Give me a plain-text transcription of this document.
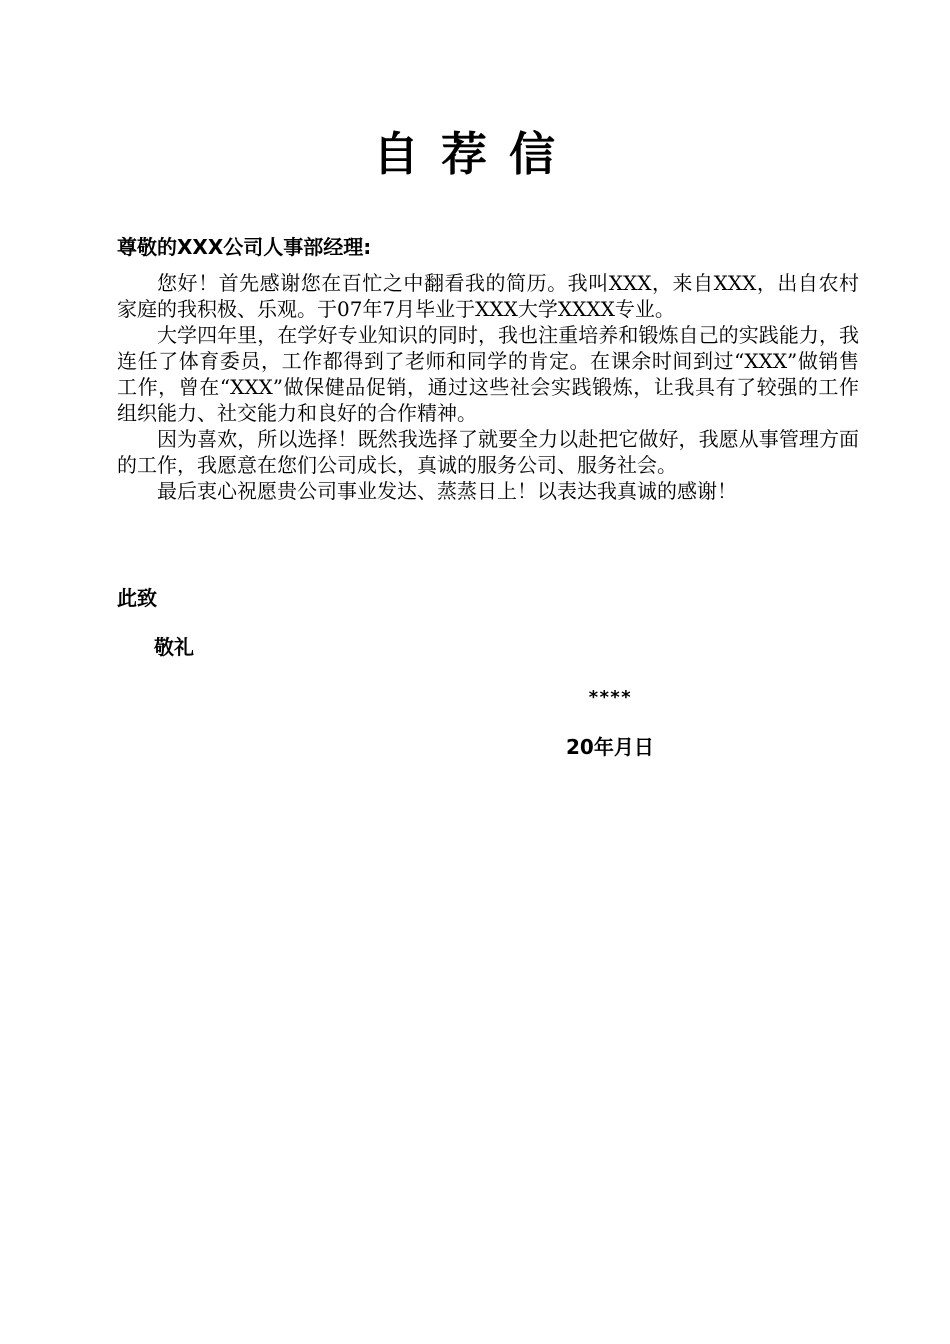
自荐信
尊敬的XXX公司人事部经理:

您好！首先感谢您在百忙之中翻看我的简历。我叫XXX，来自XXX，出自农村家庭的我积极、乐观。于07年7月毕业于XXX大学XXXX专业。

大学四年里，在学好专业知识的同时，我也注重培养和锻炼自己的实践能力，我连任了体育委员，工作都得到了老师和同学的肯定。在课余时间到过“XXX”做销售工作，曾在“XXX”做保健品促销，通过这些社会实践锻炼，让我具有了较强的工作组织能力、社交能力和良好的合作精神。

因为喜欢，所以选择！既然我选择了就要全力以赴把它做好，我愿从事管理方面的工作，我愿意在您们公司成长，真诚的服务公司、服务社会。

最后衷心祝愿贵公司事业发达、蒸蒸日上！以表达我真诚的感谢！

此致
敬礼
****
20年月日
